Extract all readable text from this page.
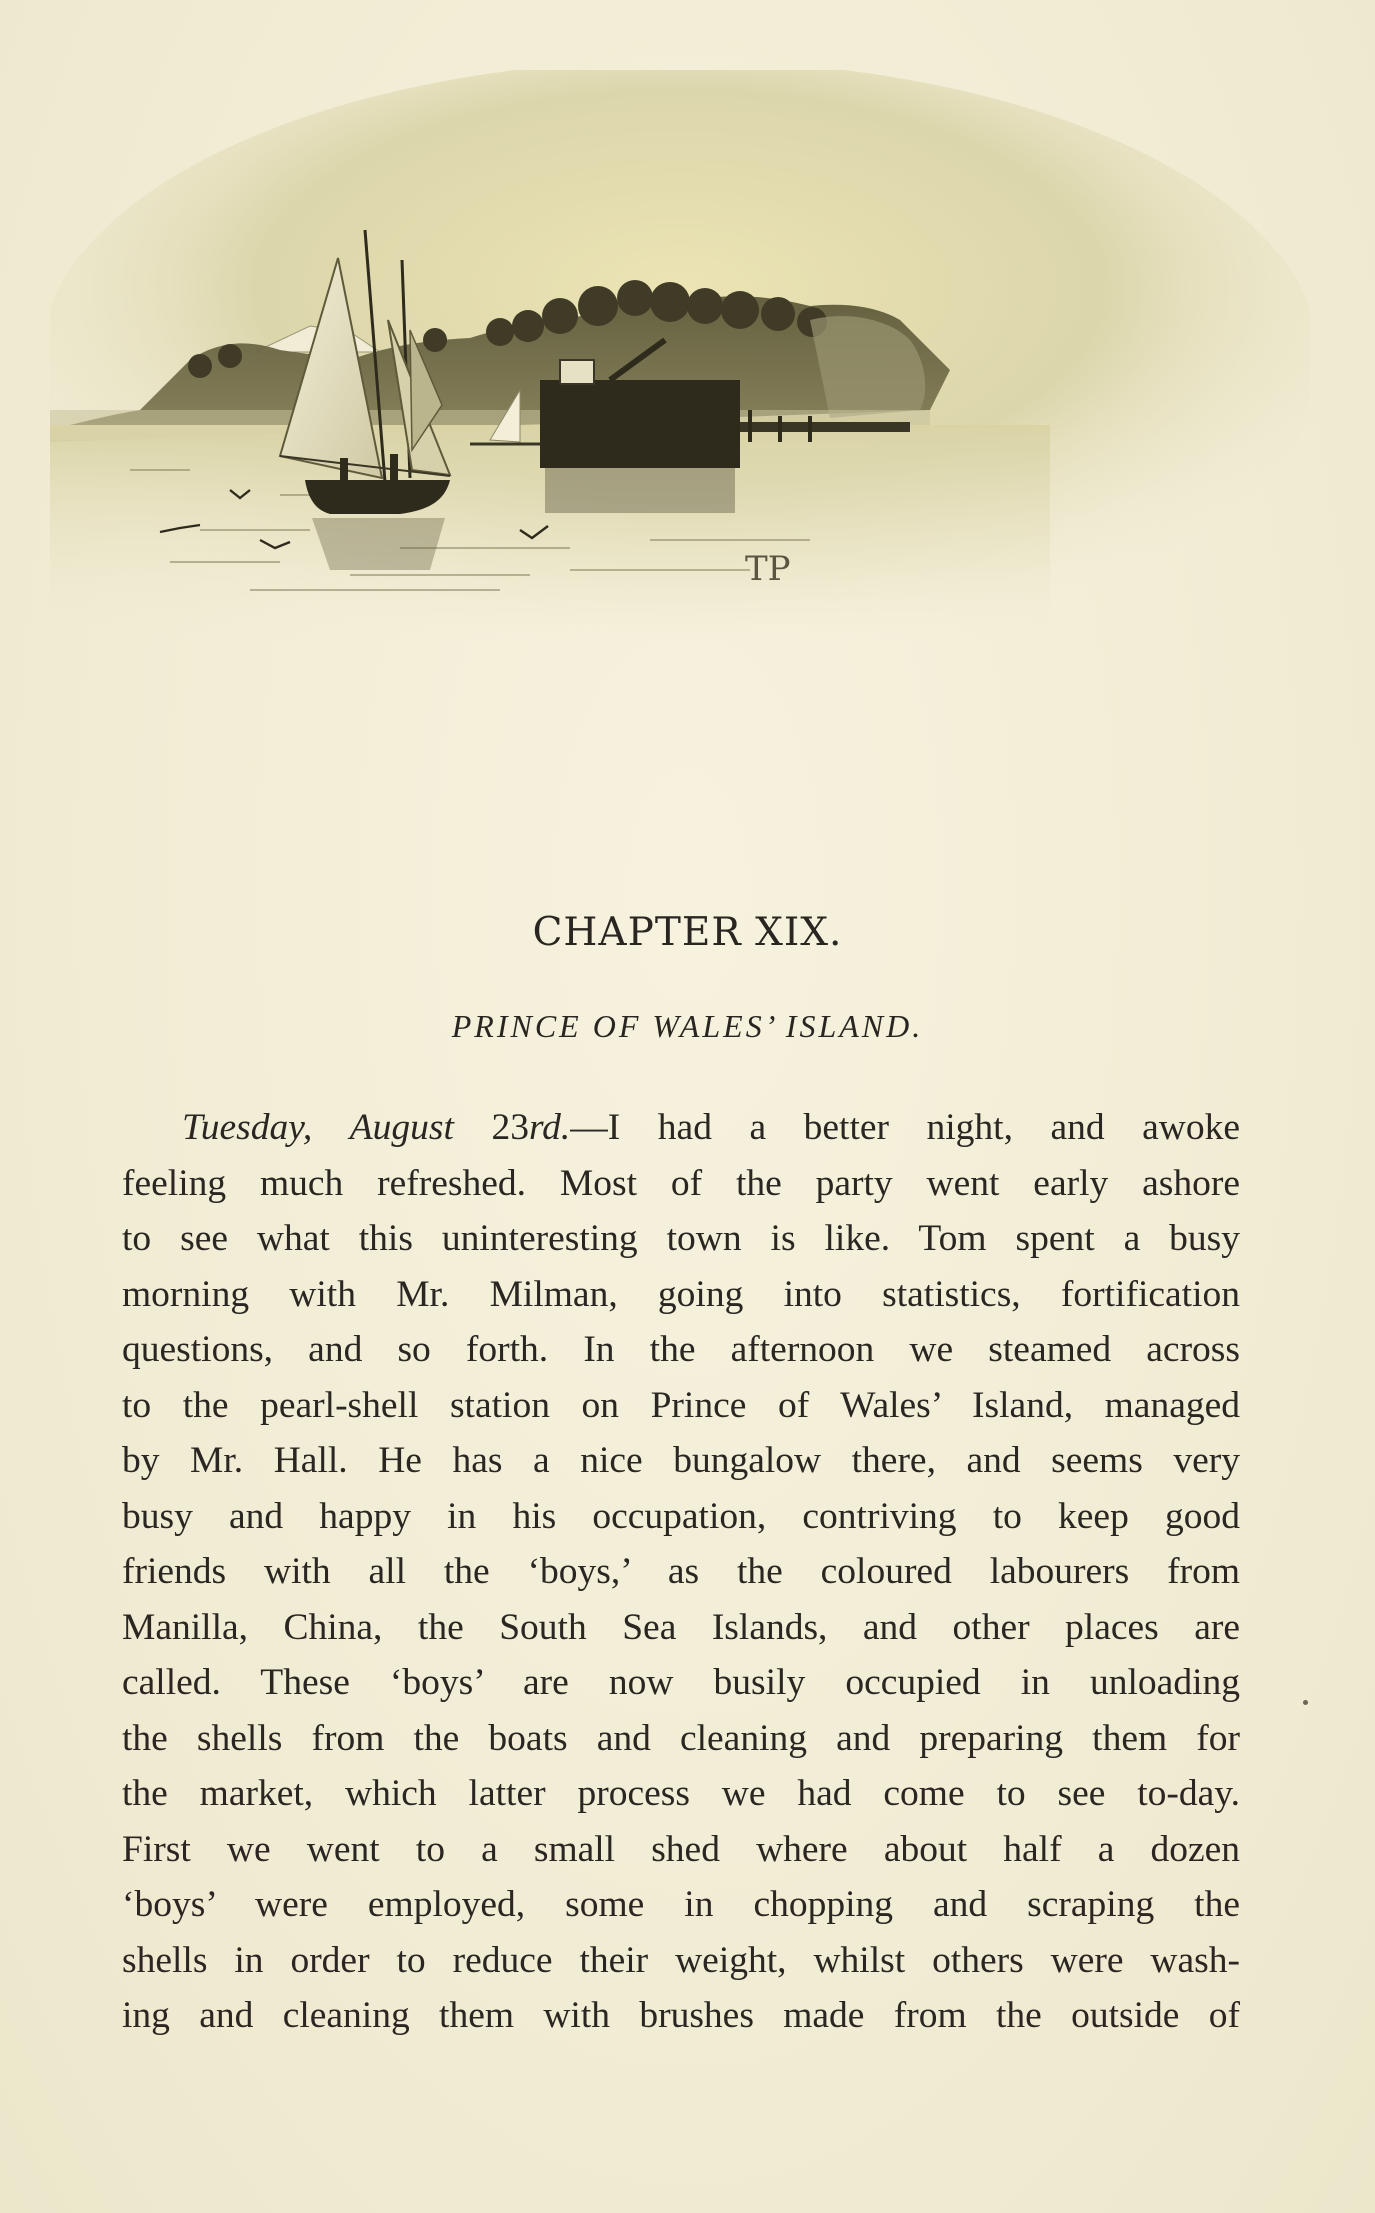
TP
CHAPTER XIX.
PRINCE OF WALES’ ISLAND.
Tuesday, August 23rd.—I had a better night, and awoke
feeling much refreshed. Most of the party went early ashore
to see what this uninteresting town is like. Tom spent a busy
morning with Mr. Milman, going into statistics, fortification
questions, and so forth. In the afternoon we steamed across
to the pearl-shell station on Prince of Wales’ Island, managed
by Mr. Hall. He has a nice bungalow there, and seems very
busy and happy in his occupation, contriving to keep good
friends with all the ‘boys,’ as the coloured labourers from
Manilla, China, the South Sea Islands, and other places are
called. These ‘boys’ are now busily occupied in unloading
the shells from the boats and cleaning and preparing them for
the market, which latter process we had come to see to-day.
First we went to a small shed where about half a dozen
‘boys’ were employed, some in chopping and scraping the
shells in order to reduce their weight, whilst others were wash-
ing and cleaning them with brushes made from the outside of
